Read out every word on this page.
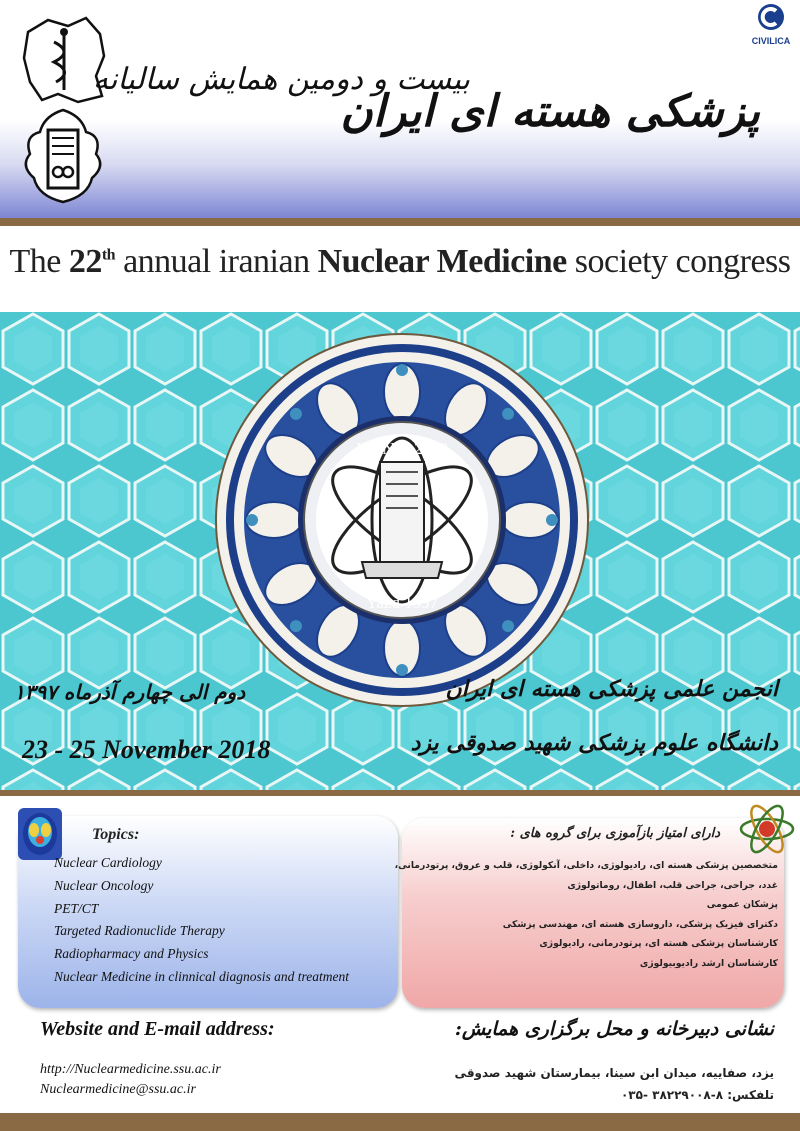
بیست و دومین همایش سالیانه
پزشکی هسته ای ایران
CIVILICA
The 22th annual iranian Nuclear Medicine society congress
IRSNM 2018
Yazd 1397
انجمن علمی پزشکی هسته ای ایران
دانشگاه علوم پزشکی شهید صدوقی یزد
دوم الی چهارم آذرماه ۱۳۹۷
23 - 25 November 2018
Topics:
Nuclear Cardiology
Nuclear Oncology
PET/CT
Targeted Radionuclide Therapy
Radiopharmacy and Physics
Nuclear Medicine in clinnical diagnosis and treatment
دارای امتیاز بازآموزی برای گروه های :
متخصصین پزشکی هسته ای، رادیولوژی، داخلی، آنکولوژی، قلب و عروق، پرتودرمانی،
غدد، جراحی، جراحی قلب، اطفال، روماتولوژی
پزشکان عمومی
دکترای فیزیک پزشکی، داروسازی هسته ای، مهندسی پزشکی
کارشناسان پزشکی هسته ای، پرتودرمانی، رادیولوژی
کارشناسان ارشد رادیوبیولوژی
Website and E-mail address:
http://Nuclearmedicine.ssu.ac.ir
Nuclearmedicine@ssu.ac.ir
نشانی دبیرخانه و محل برگزاری همایش:
یزد، صفاییه، میدان ابن سینا، بیمارستان شهید صدوقی
تلفکس: ۸-۳۸۲۲۹۰۰۸ -۰۳۵
